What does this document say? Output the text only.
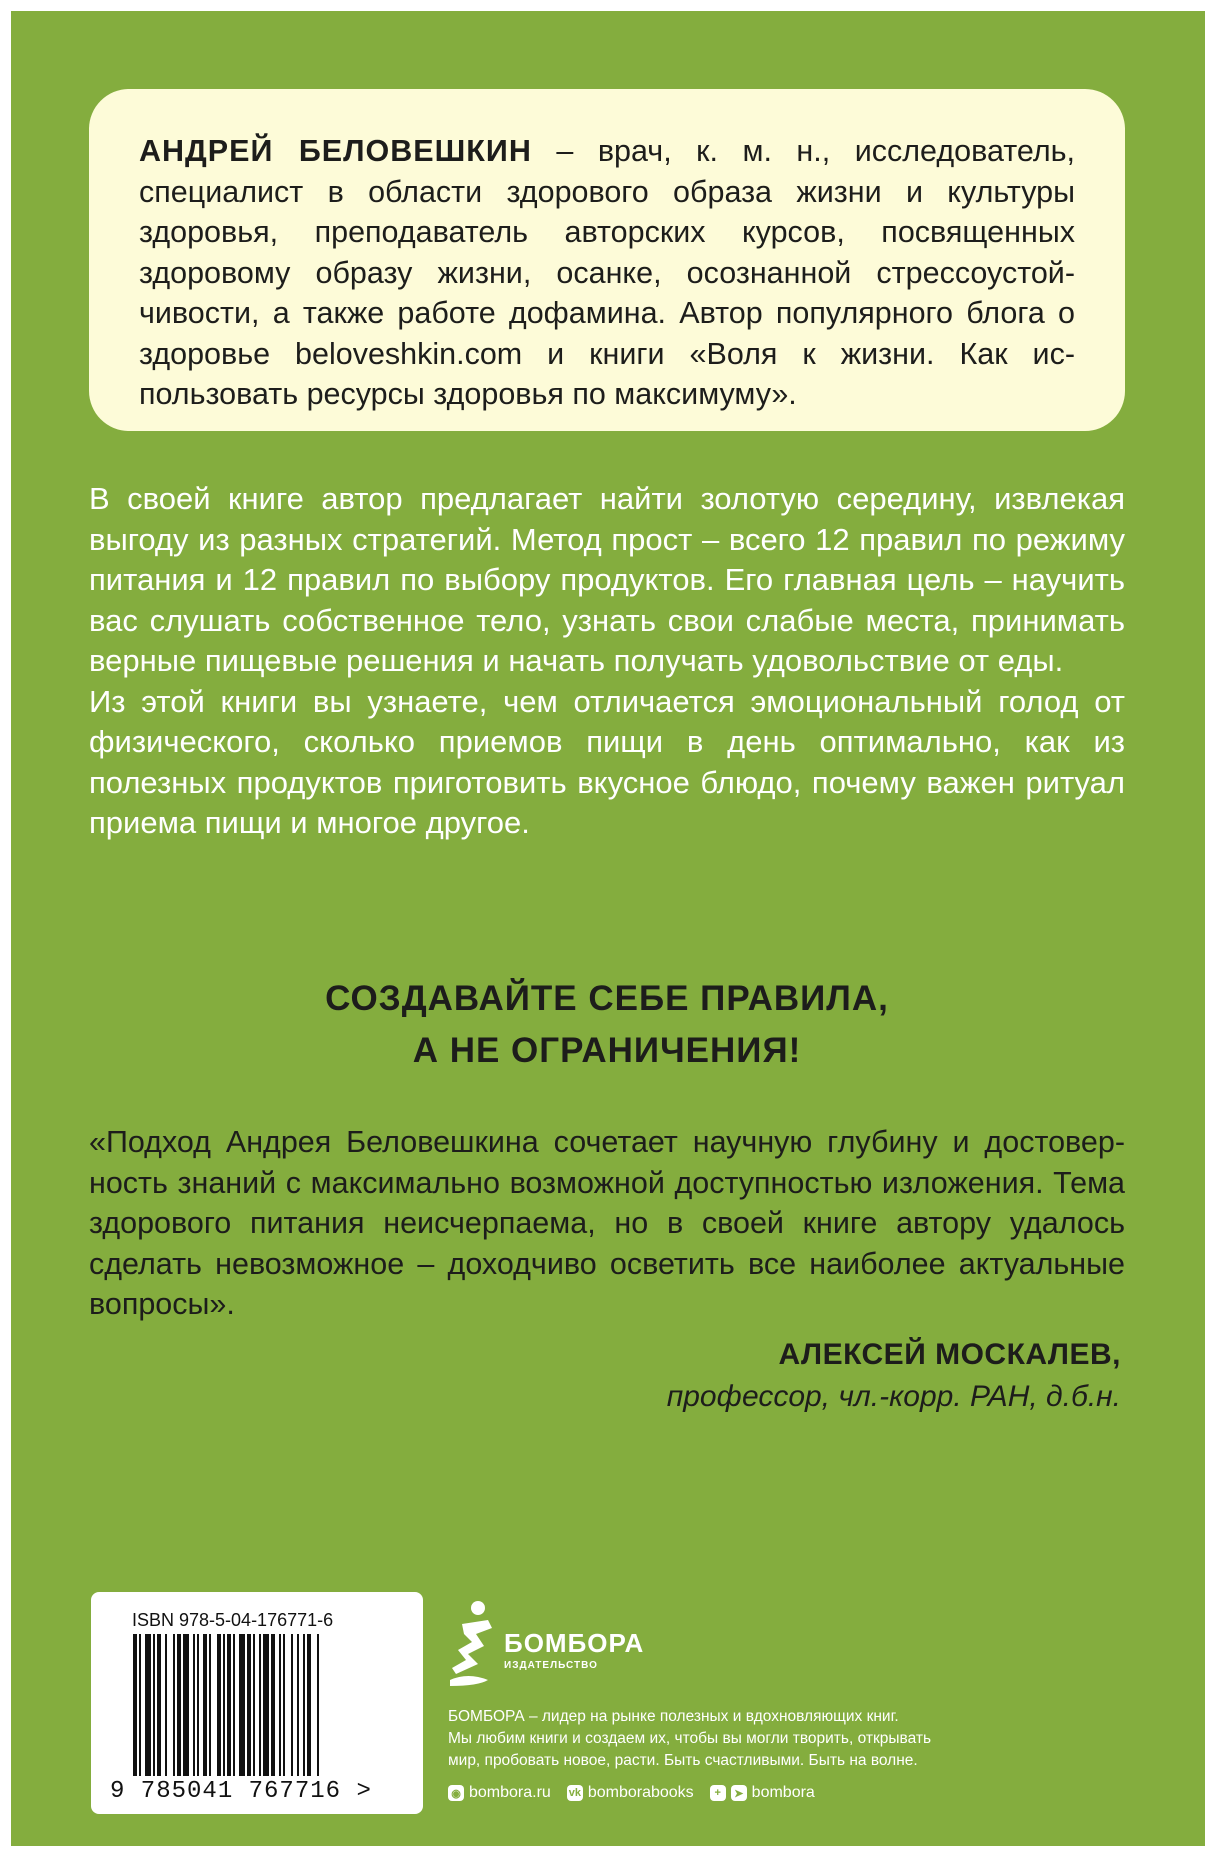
АНДРЕЙ БЕЛОВЕШКИН – врач, к. м. н., исследователь, специалист в области здорового образа жизни и культуры здоровья, преподаватель авторских курсов, посвященных здоровому образу жизни, осанке, осознанной стрессоустойчивости, а также работе дофамина. Автор популярного блога о здоровье beloveshkin.com и книги «Воля к жизни. Как использовать ресурсы здоровья по максимуму».

В своей книге автор предлагает найти золотую середину, извлекая выгоду из разных стратегий. Метод прост – всего 12 правил по режиму питания и 12 правил по выбору продуктов. Его главная цель – научить вас слушать собственное тело, узнать свои слабые места, принимать верные пищевые решения и начать получать удовольствие от еды.

Из этой книги вы узнаете, чем отличается эмоциональный голод от физического, сколько приемов пищи в день оптимально, как из полезных продуктов приготовить вкусное блюдо, почему важен ритуал приема пищи и многое другое.

СОЗДАВАЙТЕ СЕБЕ ПРАВИЛА,
А НЕ ОГРАНИЧЕНИЯ!

«Подход Андрея Беловешкина сочетает научную глубину и достоверность знаний с максимально возможной доступностью изложения. Тема здорового питания неисчерпаема, но в своей книге автору удалось сделать невозможное – доходчиво осветить все наиболее актуальные вопросы».

АЛЕКСЕЙ МОСКАЛЕВ,
профессор, чл.-корр. РАН, д.б.н.
ISBN 978-5-04-176771-6
9 785041 767716 >
БОМБОРА
ИЗДАТЕЛЬСТВО
БОМБОРА – лидер на рынке полезных и вдохновляющих книг.
Мы любим книги и создаем их, чтобы вы могли творить, открывать
мир, пробовать новое, расти. Быть счастливыми. Быть на волне.
◉ bombora.ru vk bomborabooks	+	➤ bombora
